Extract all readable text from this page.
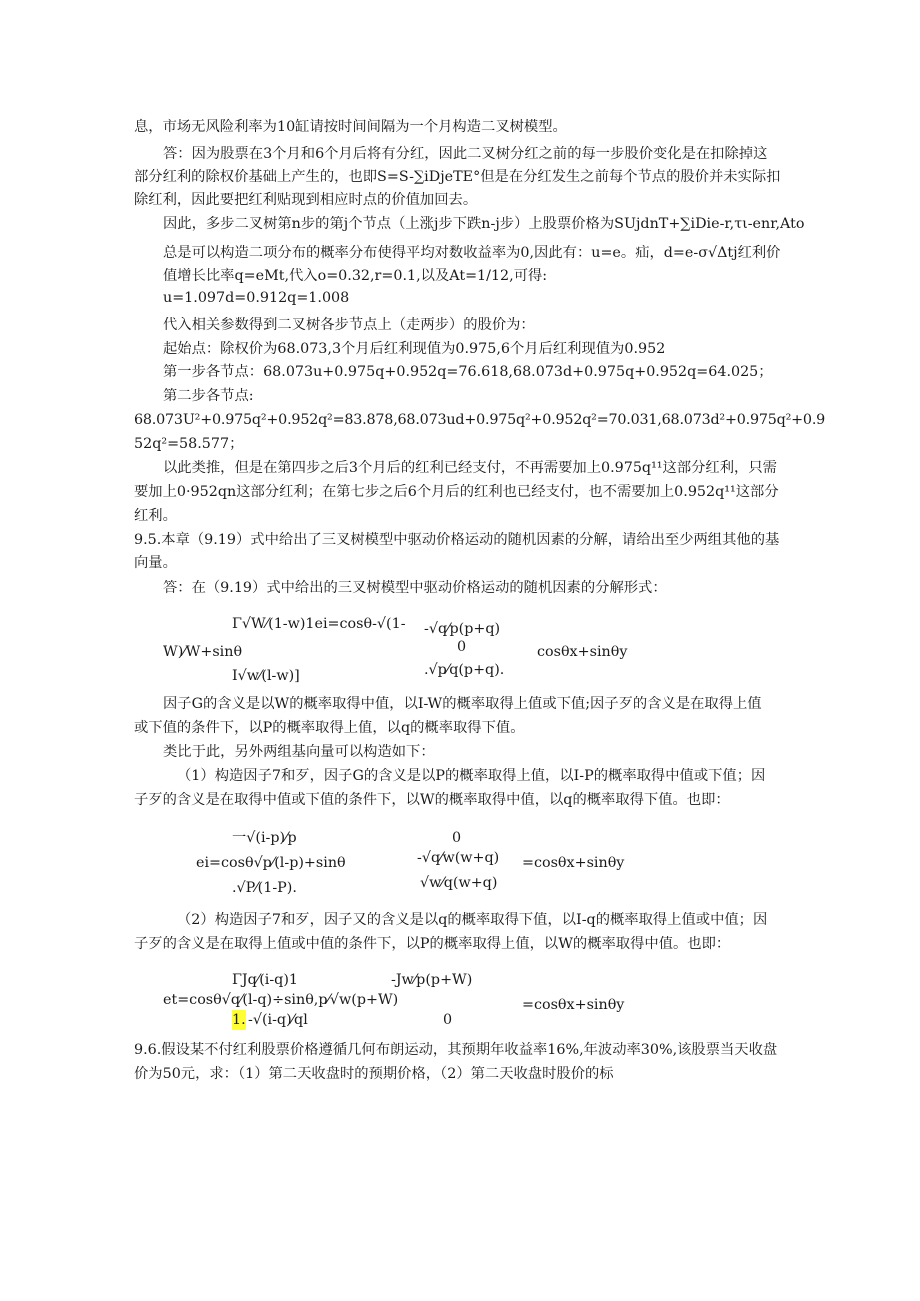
息，市场无风险利率为10缸请按时间间隔为一个月构造二叉树模型。
答：因为股票在3个月和6个月后将有分红，因此二叉树分红之前的每一步股价变化是在扣除掉这
部分红利的除权价基础上产生的，也即S=S-∑iDjeTE°但是在分红发生之前每个节点的股价并未实际扣
除红利，因此要把红利贴现到相应时点的价值加回去。
因此，多步二叉树第n步的第j个节点（上涨j步下跌n-j步）上股票价格为SUjdnT+∑iDie-r,τι-enr,Ato
总是可以构造二项分布的概率分布使得平均对数收益率为0,因此有：u=e。疝，d=e-σ√Δtj红利价
值增长比率q=eMt,代入o=0.32,r=0.1,以及At=1/12,可得:
u=1.097d=0.912q=1.008
代入相关参数得到二叉树各步节点上（走两步）的股价为：
起始点：除权价为68.073,3个月后红利现值为0.975,6个月后红利现值为0.952
第一步各节点：68.073u+0.975q+0.952q=76.618,68.073d+0.975q+0.952q=64.025；
第二步各节点:
68.073U²+0.975q²+0.952q²=83.878,68.073ud+0.975q²+0.952q²=70.031,68.073d²+0.975q²+0.9
52q²=58.577；
以此类推，但是在第四步之后3个月后的红利已经支付，不再需要加上0.975q¹¹这部分红利，只需
要加上0·952qn这部分红利；在第七步之后6个月后的红利也已经支付，也不需要加上0.952q¹¹这部分
红利。
9.5.本章（9.19）式中给出了三叉树模型中驱动价格运动的随机因素的分解，请给出至少两组其他的基
向量。
答：在（9.19）式中给出的三叉树模型中驱动价格运动的随机因素的分解形式：
Γ√W⁄(1-w)1ei=cosθ-√(1- -√q⁄p(p+q)
0
W)⁄W+sinθ	cosθx+sinθy
I√w⁄(l-w)]	.√p⁄q(p+q).
因子G的含义是以W的概率取得中值，以I-W的概率取得上值或下值;因子歹的含义是在取得上值
或下值的条件下，以P的概率取得上值，以q的概率取得下值。
类比于此，另外两组基向量可以构造如下：
（1）构造因子7和歹，因子G的含义是以P的概率取得上值，以I-P的概率取得中值或下值；因
子歹的含义是在取得中值或下值的条件下，以W的概率取得中值，以q的概率取得下值。也即：
一√(i-p)⁄p	0
-√q⁄w(w+q)
ei=cosθ√p⁄(l-p)+sinθ	=cosθx+sinθy
.√P⁄(1-P).	√w⁄q(w+q)
（2）构造因子7和歹，因子又的含义是以q的概率取得下值，以I-q的概率取得上值或中值；因
子歹的含义是在取得上值或中值的条件下，以P的概率取得上值，以W的概率取得中值。也即：
ΓJq⁄(i-q)1	-Jw⁄p(p+W)
et=cosθ√q⁄(l-q)÷sinθ,p⁄√w(p+W)	=cosθx+sinθy
1. -√(i-q)⁄ql	0
9.6.假设某不付红利股票价格遵循几何布朗运动，其预期年收益率16%,年波动率30%,该股票当天收盘
价为50元，求：（1）第二天收盘时的预期价格，（2）第二天收盘时股价的标
